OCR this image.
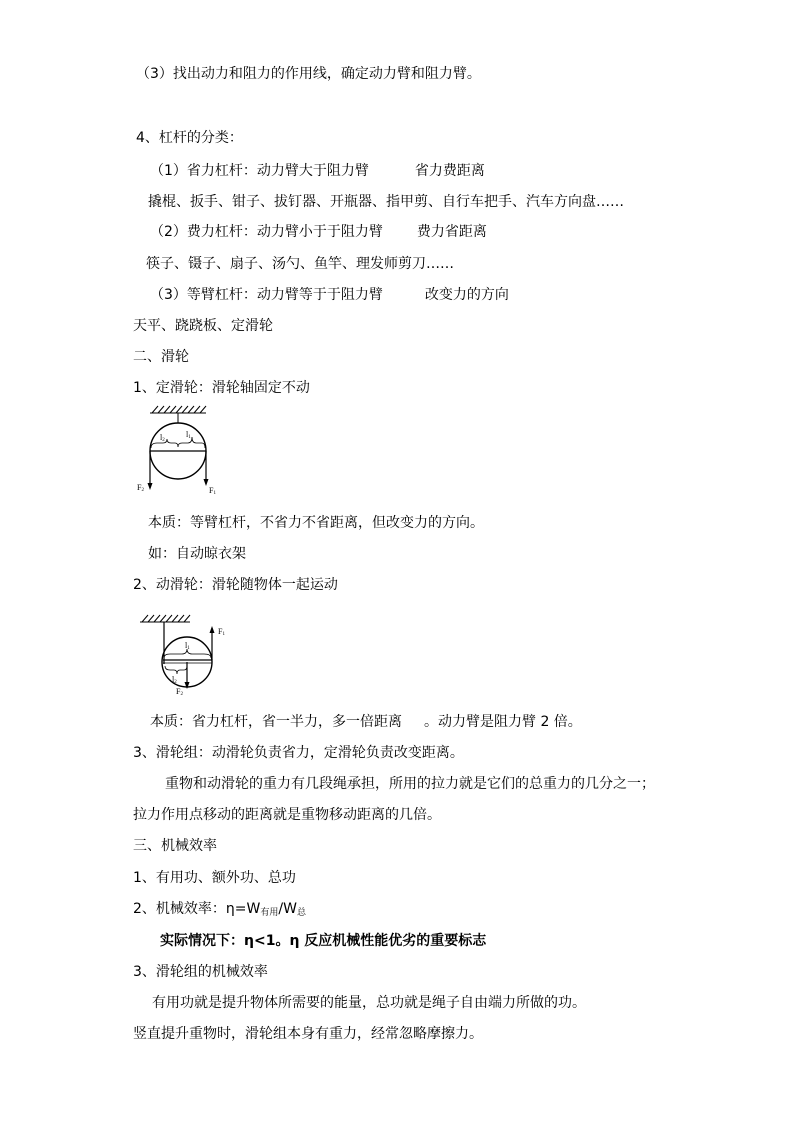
（3）找出动力和阻力的作用线，确定动力臂和阻力臂。
4、杠杆的分类：
（1）省力杠杆：动力臂大于阻力臂	省力费距离
撬棍、扳手、钳子、拔钉器、开瓶器、指甲剪、自行车把手、汽车方向盘……
（2）费力杠杆：动力臂小于于阻力臂 费力省距离
筷子、镊子、扇子、汤勺、鱼竿、理发师剪刀……
（3）等臂杠杆：动力臂等于于阻力臂	改变力的方向
天平、跷跷板、定滑轮
二、滑轮
1、定滑轮：滑轮轴固定不动
l2
l1
F2	F1
本质：等臂杠杆，不省力不省距离，但改变力的方向。
如：自动晾衣架
2、动滑轮：滑轮随物体一起运动
l1
l2
F1
F2
本质：省力杠杆，省一半力，多一倍距离 。动力臂是阻力臂 2 倍。
3、滑轮组：动滑轮负责省力，定滑轮负责改变距离。
重物和动滑轮的重力有几段绳承担，所用的拉力就是它们的总重力的几分之一；
拉力作用点移动的距离就是重物移动距离的几倍。
三、机械效率
1、有用功、额外功、总功
2、机械效率：$\eta=W_{有用}/W_总$
实际情况下：η<1。η 反应机械性能优劣的重要标志
3、滑轮组的机械效率
有用功就是提升物体所需要的能量，总功就是绳子自由端力所做的功。
竖直提升重物时，滑轮组本身有重力，经常忽略摩擦力。
